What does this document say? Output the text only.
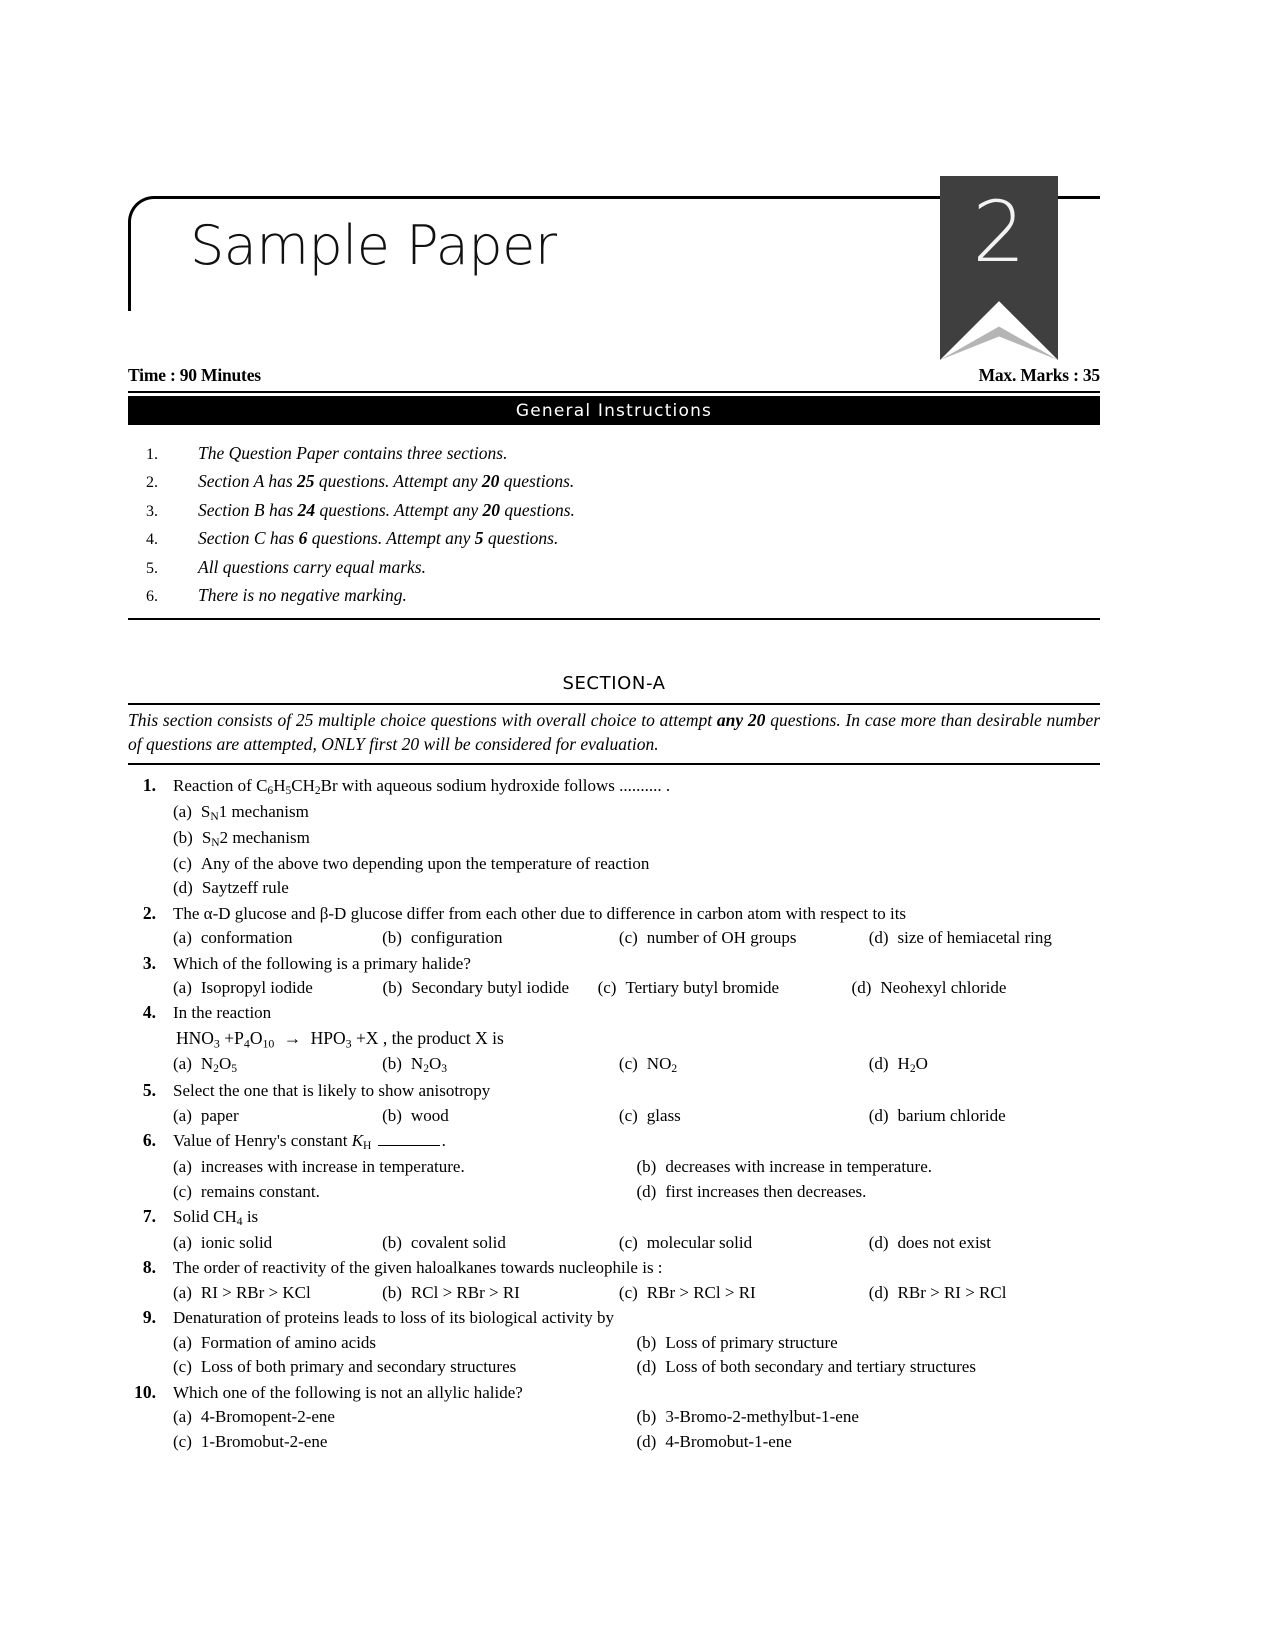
Sample Paper	2
Time : 90 Minutes	Max. Marks : 35
General Instructions
1.	The Question Paper contains three sections.
2.	Section A has 25 questions. Attempt any 20 questions.
3.	Section B has 24 questions. Attempt any 20 questions.
4.	Section C has 6 questions. Attempt any 5 questions.
5.	All questions carry equal marks.
6.	There is no negative marking.
SECTION-A
This section consists of 25 multiple choice questions with overall choice to attempt any 20 questions. In case more than desirable number of questions are attempted, ONLY first 20 will be considered for evaluation.
1.	Reaction of $C_6H_5CH_2Br$ with aqueous sodium hydroxide follows .......... .
(a) $S_N1$ mechanism
(b) $S_N2$ mechanism
(c) Any of the above two depending upon the temperature of reaction
(d) Saytzeff rule
2.	The α-D glucose and β-D glucose differ from each other due to difference in carbon atom with respect to its
(a) conformation	(b) configuration	(c) number of OH groups	(d) size of hemiacetal ring
3.	Which of the following is a primary halide?
(a) Isopropyl iodide	(b) Secondary butyl iodide	(c) Tertiary butyl bromide	(d) Neohexyl chloride
4.	In the reaction
$HNO_3 +P_4O_{10} \to HPO_3 +X$ , the product X is
(a) $N_2O_5$	(b) $N_2O_3$	(c) $NO_2$	(d) $H_2O$
5.	Select the one that is likely to show anisotropy
(a) paper	(b) wood	(c) glass	(d) barium chloride
6.	Value of Henry's constant $K_H$	.
(a) increases with increase in temperature.	(b) decreases with increase in temperature.
(c) remains constant.	(d) first increases then decreases.
7.	Solid $CH_4$ is
(a) ionic solid	(b) covalent solid	(c) molecular solid	(d) does not exist
8.	The order of reactivity of the given haloalkanes towards nucleophile is :
(a) RI > RBr > KCl	(b) RCl > RBr > RI	(c) RBr > RCl > RI	(d) RBr > RI > RCl
9.	Denaturation of proteins leads to loss of its biological activity by
(a) Formation of amino acids	(b) Loss of primary structure
(c) Loss of both primary and secondary structures	(d) Loss of both secondary and tertiary structures
10.	Which one of the following is not an allylic halide?
(a) 4-Bromopent-2-ene	(b) 3-Bromo-2-methylbut-1-ene
(c) 1-Bromobut-2-ene	(d) 4-Bromobut-1-ene
